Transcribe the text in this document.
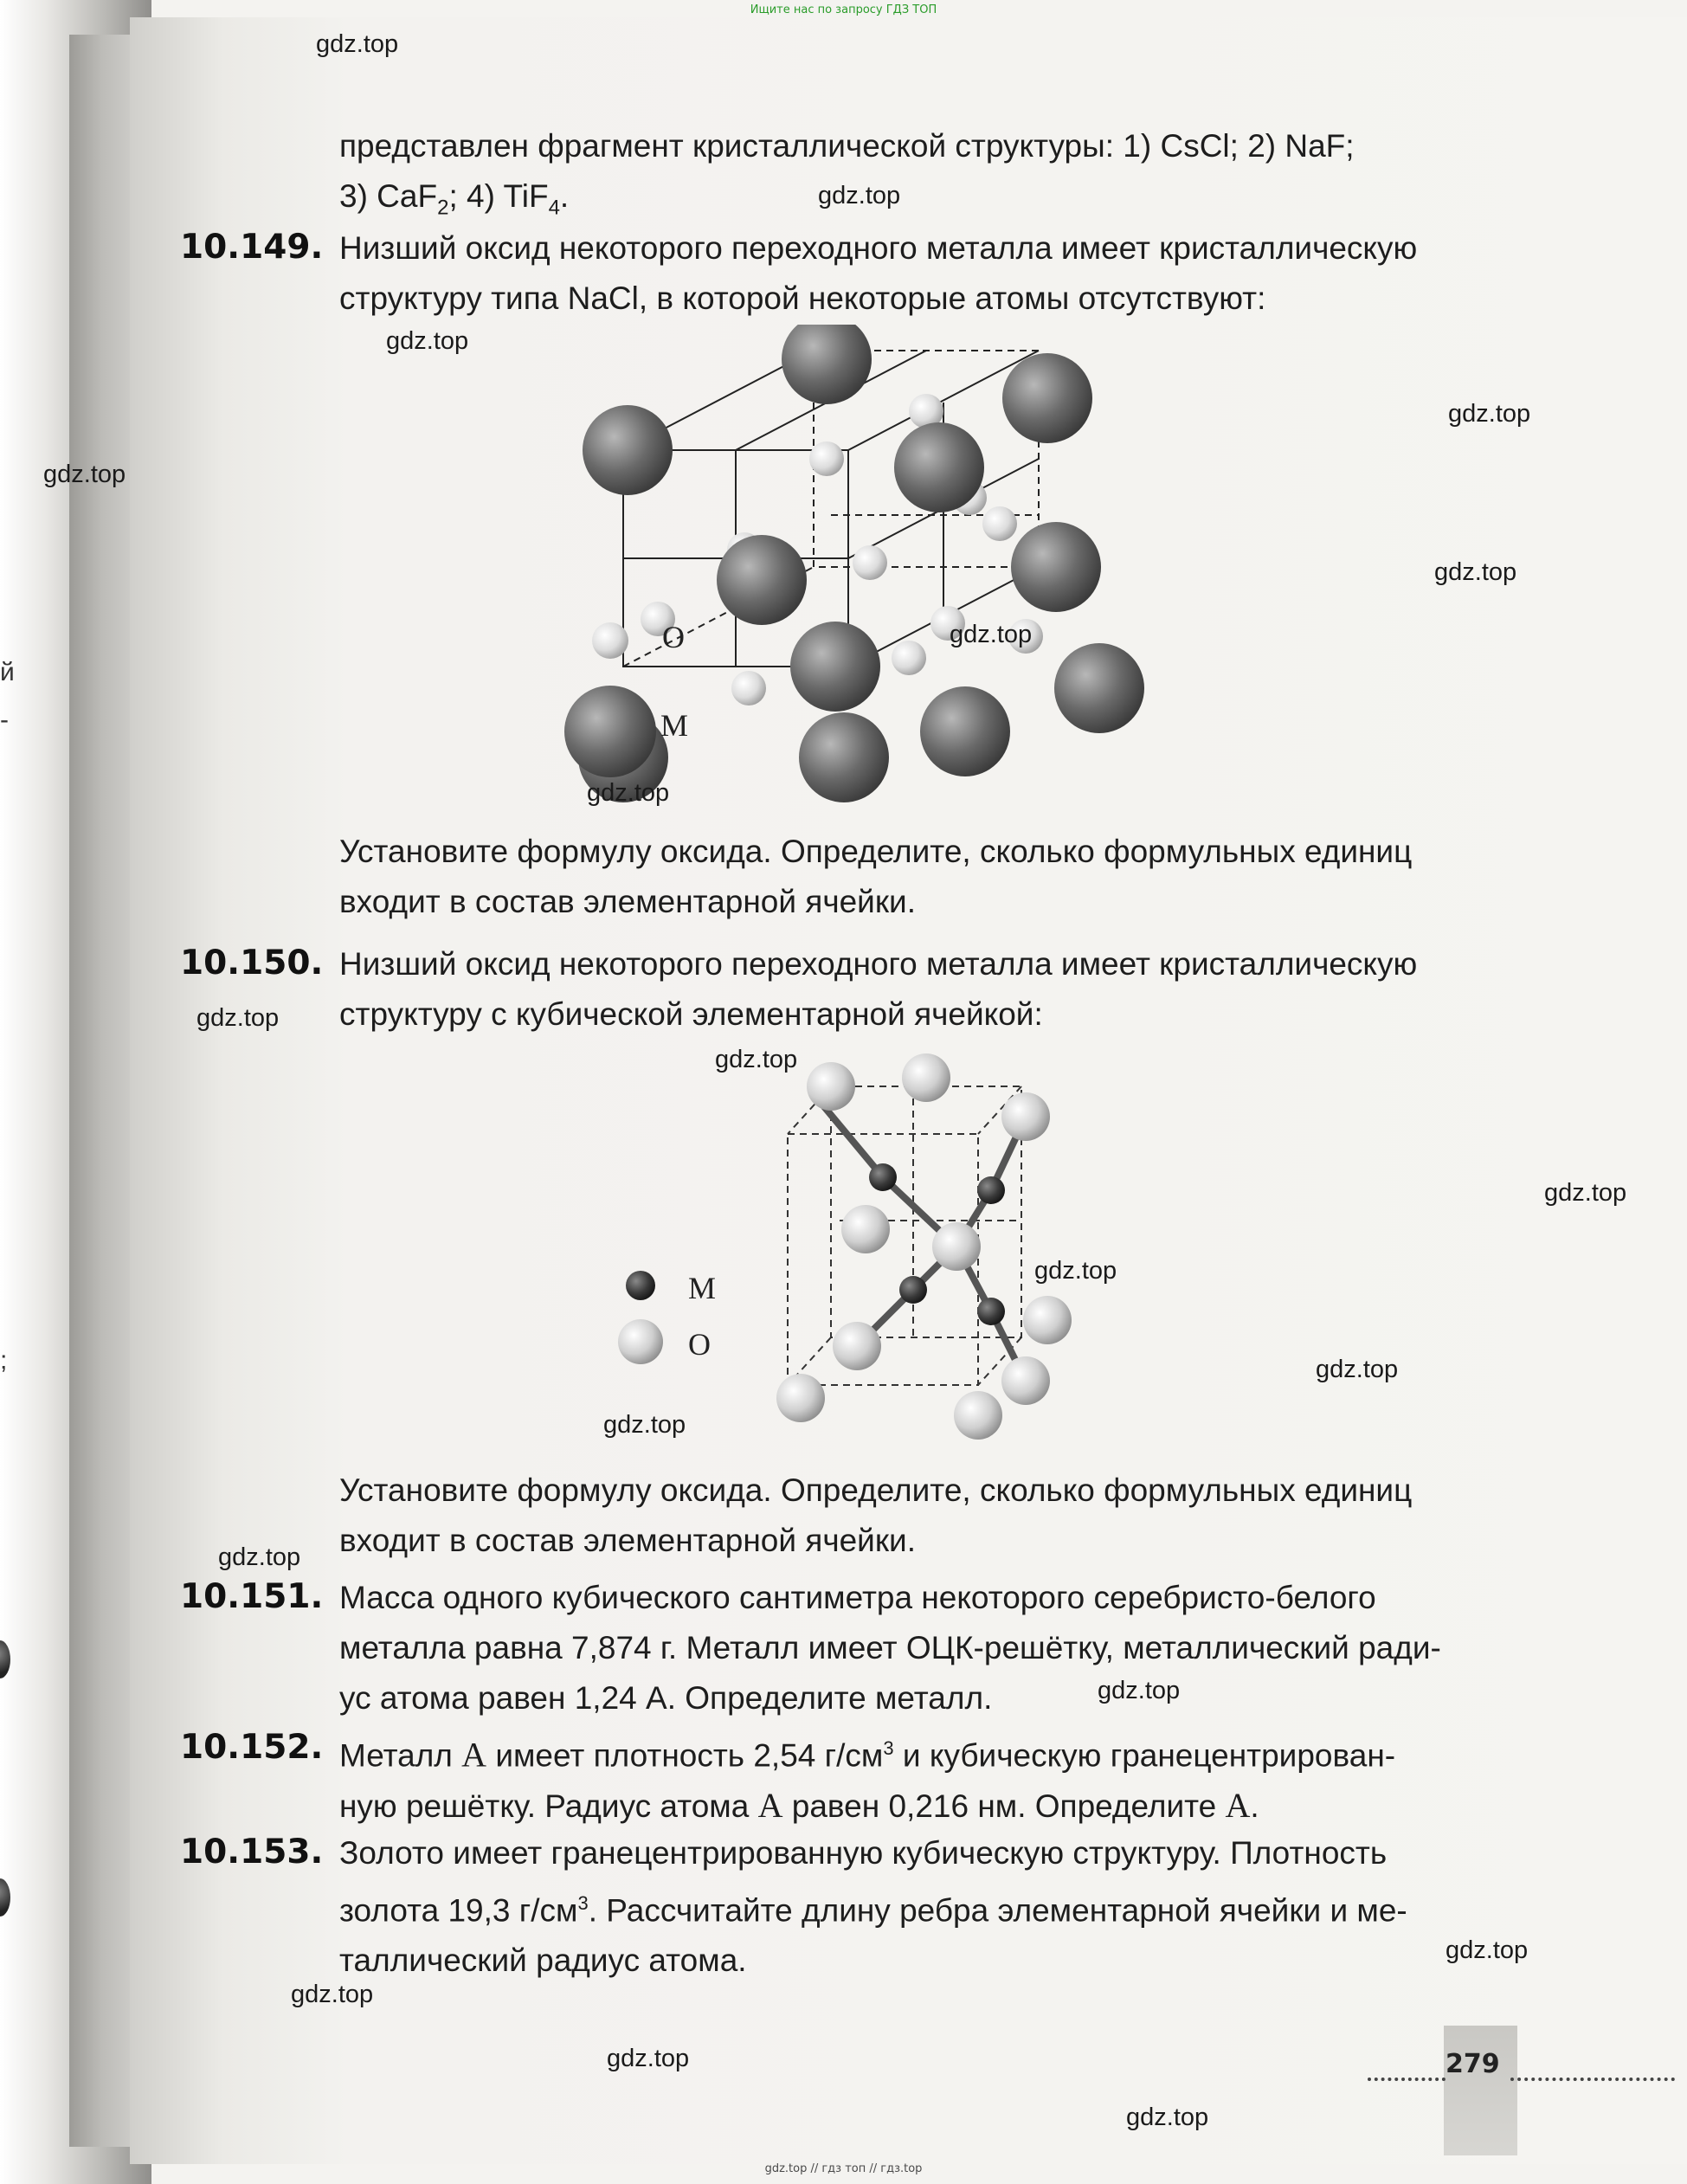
Ищите нас по запросу ГДЗ ТОП
й
-
;
представлен фрагмент кристаллической структуры: 1) CsCl; 2) NaF;
3) CaF$_2$; 4) TiF$_4$.
10.149. Низший оксид некоторого переходного металла имеет кристаллическую
структуру типа NaCl, в которой некоторые атомы отсутствуют:
O
M
Установите формулу оксида. Определите, сколько формульных единиц
входит в состав элементарной ячейки.
10.150. Низший оксид некоторого переходного металла имеет кристаллическую
структуру с кубической элементарной ячейкой:
M
O
Установите формулу оксида. Определите, сколько формульных единиц
входит в состав элементарной ячейки.
10.151. Масса одного кубического сантиметра некоторого серебристо-белого
металла равна 7,874 г. Металл имеет ОЦК-решётку, металлический ради-
ус атома равен 1,24 А. Определите металл.
10.152. Металл A имеет плотность 2,54 $г/см^3$ и кубическую гранецентрирован-
ную решётку. Радиус атома A равен 0,216 нм. Определите A.
10.153. Золото имеет гранецентрированную кубическую структуру. Плотность
золота 19,3 $г/см^3$. Рассчитайте длину ребра элементарной ячейки и ме-
таллический радиус атома.
279
gdz.top
gdz.top
gdz.top
gdz.top
gdz.top
gdz.top
gdz.top
gdz.top
gdz.top
gdz.top
gdz.top
gdz.top
gdz.top
gdz.top
gdz.top
gdz.top
gdz.top
gdz.top
gdz.top
gdz.top
gdz.top // гдз топ // гдз.top
